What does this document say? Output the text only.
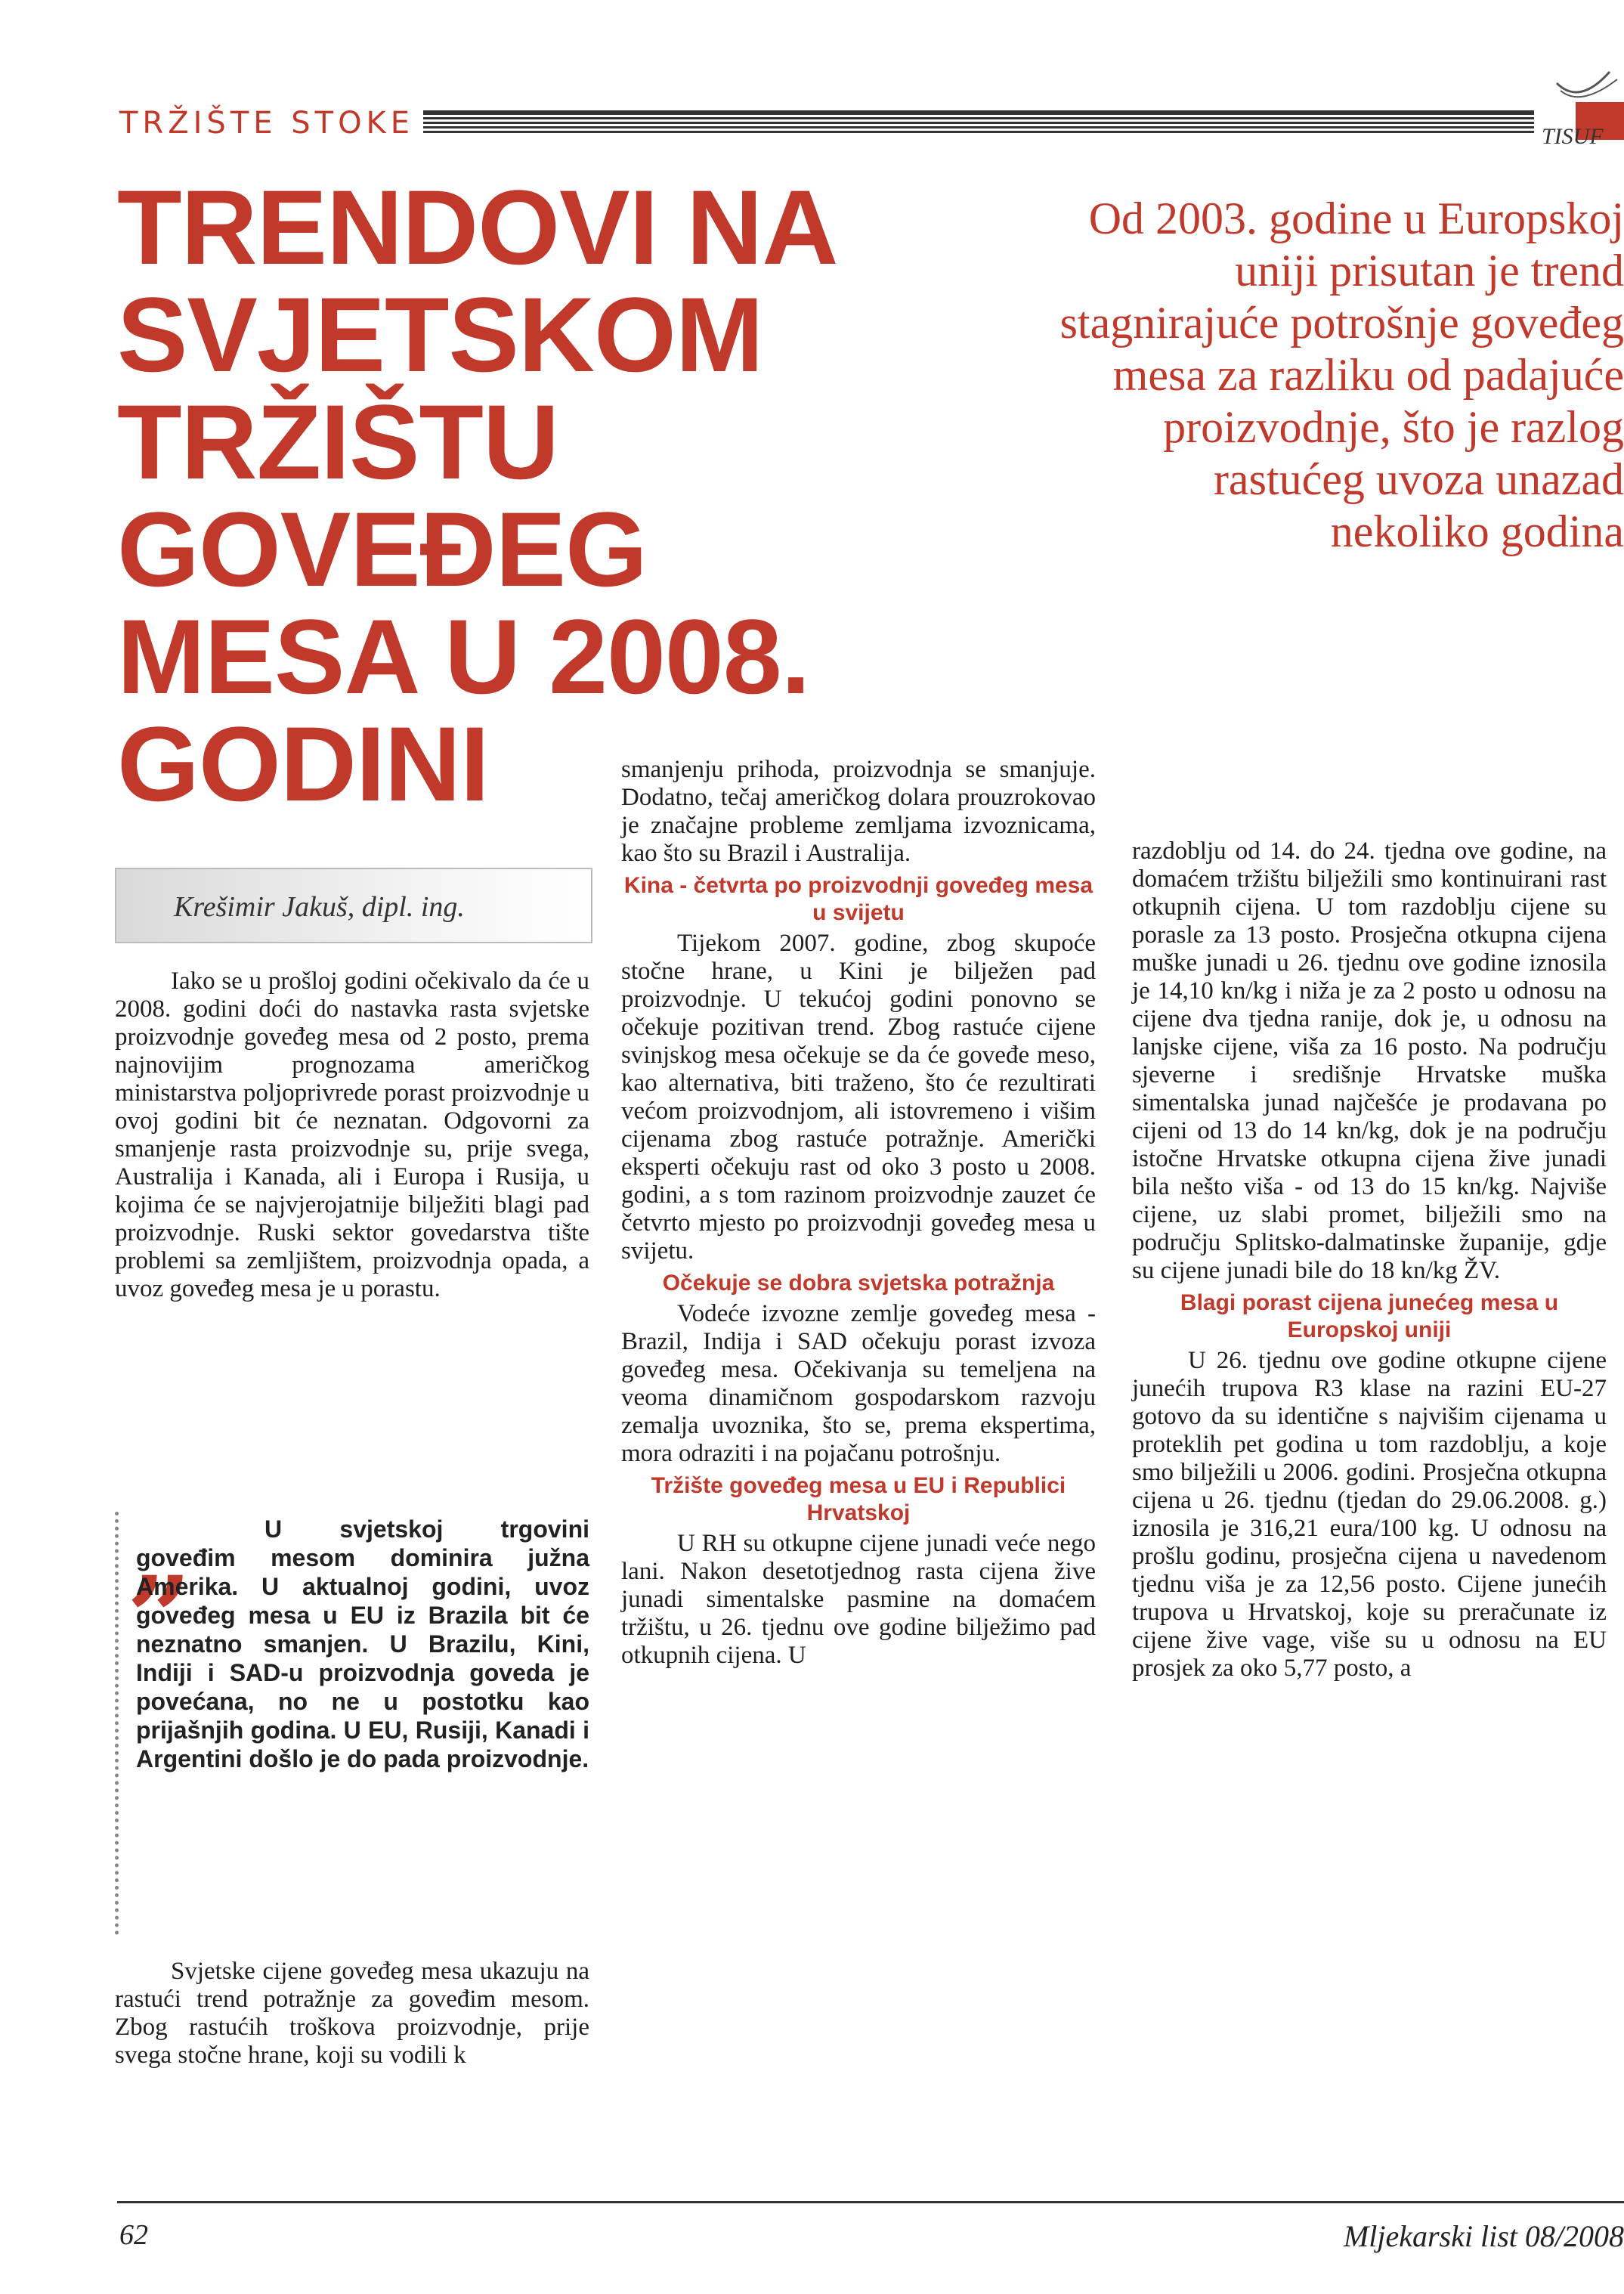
TRŽIŠTE STOKE	TISUF
TRENDOVI NA
SVJETSKOM
TRŽIŠTU GOVEĐEG
MESA U 2008.
GODINI
Krešimir Jakuš, dipl. ing.

Iako se u prošloj godini očekivalo da će u 2008. godini doći do nastavka rasta svjetske proizvodnje goveđeg mesa od 2 posto, prema najnovijim prognozama američkog ministarstva poljoprivrede porast proizvodnje u ovoj godini bit će neznatan. Odgovorni za smanjenje rasta proizvodnje su, prije svega, Australija i Kanada, ali i Europa i Rusija, u kojima će se najvjerojatnije bilježiti blagi pad proizvodnje. Ruski sektor govedarstva tište problemi sa zemljištem, proizvodnja opada, a uvoz goveđeg mesa je u porastu.

„	U svjetskoj trgovini goveđim mesom dominira južna Amerika. U aktualnoj godini, uvoz goveđeg mesa u EU iz Brazila bit će neznatno smanjen. U Brazilu, Kini, Indiji i SAD-u proizvodnja goveda je povećana, no ne u postotku kao prijašnjih godina. U EU, Rusiji, Kanadi i Argentini došlo je do pada proizvodnje.

Svjetske cijene goveđeg mesa ukazuju na rastući trend potražnje za goveđim mesom. Zbog rastućih troškova proizvodnje, prije svega stočne hrane, koji su vodili k

smanjenju prihoda, proizvodnja se smanjuje. Dodatno, tečaj američkog dolara prouzrokovao je značajne probleme zemljama izvoznicama, kao što su Brazil i Australija.

Kina - četvrta po proizvodnji goveđeg mesa u svijetu

Tijekom 2007. godine, zbog skupoće stočne hrane, u Kini je bilježen pad proizvodnje. U tekućoj godini ponovno se očekuje pozitivan trend. Zbog rastuće cijene svinjskog mesa očekuje se da će goveđe meso, kao alternativa, biti traženo, što će rezultirati većom proizvodnjom, ali istovremeno i višim cijenama zbog rastuće potražnje. Američki eksperti očekuju rast od oko 3 posto u 2008. godini, a s tom razinom proizvodnje zauzet će četvrto mjesto po proizvodnji goveđeg mesa u svijetu.

Očekuje se dobra svjetska potražnja

Vodeće izvozne zemlje goveđeg mesa - Brazil, Indija i SAD očekuju porast izvoza goveđeg mesa. Očekivanja su temeljena na veoma dinamičnom gospodarskom razvoju zemalja uvoznika, što se, prema ekspertima, mora odraziti i na pojačanu potrošnju.

Tržište goveđeg mesa u EU i Republici Hrvatskoj

U RH su otkupne cijene junadi veće nego lani. Nakon desetotjednog rasta cijena žive junadi simentalske pasmine na domaćem tržištu, u 26. tjednu ove godine bilježimo pad otkupnih cijena. U

Od 2003. godine u Europskoj uniji prisutan je trend stagnirajuće potrošnje goveđeg mesa za razliku od padajuće proizvodnje, što je razlog rastućeg uvoza unazad nekoliko godina

razdoblju od 14. do 24. tjedna ove godine, na domaćem tržištu bilježili smo kontinuirani rast otkupnih cijena. U tom razdoblju cijene su porasle za 13 posto. Prosječna otkupna cijena muške junadi u 26. tjednu ove godine iznosila je 14,10 kn/kg i niža je za 2 posto u odnosu na cijene dva tjedna ranije, dok je, u odnosu na lanjske cijene, viša za 16 posto. Na području sjeverne i središnje Hrvatske muška simentalska junad najčešće je prodavana po cijeni od 13 do 14 kn/kg, dok je na području istočne Hrvatske otkupna cijena žive junadi bila nešto viša - od 13 do 15 kn/kg. Najviše cijene, uz slabi promet, bilježili smo na području Splitsko-dalmatinske županije, gdje su cijene junadi bile do 18 kn/kg ŽV.

Blagi porast cijena junećeg mesa u Europskoj uniji

U 26. tjednu ove godine otkupne cijene junećih trupova R3 klase na razini EU-27 gotovo da su identične s najvišim cijenama u proteklih pet godina u tom razdoblju, a koje smo bilježili u 2006. godini. Prosječna otkupna cijena u 26. tjednu (tjedan do 29.06.2008. g.) iznosila je 316,21 eura/100 kg. U odnosu na prošlu godinu, prosječna cijena u navedenom tjednu viša je za 12,56 posto. Cijene junećih trupova u Hrvatskoj, koje su preračunate iz cijene žive vage, više su u odnosu na EU prosjek za oko 5,77 posto, a

62	Mljekarski list 08/2008
